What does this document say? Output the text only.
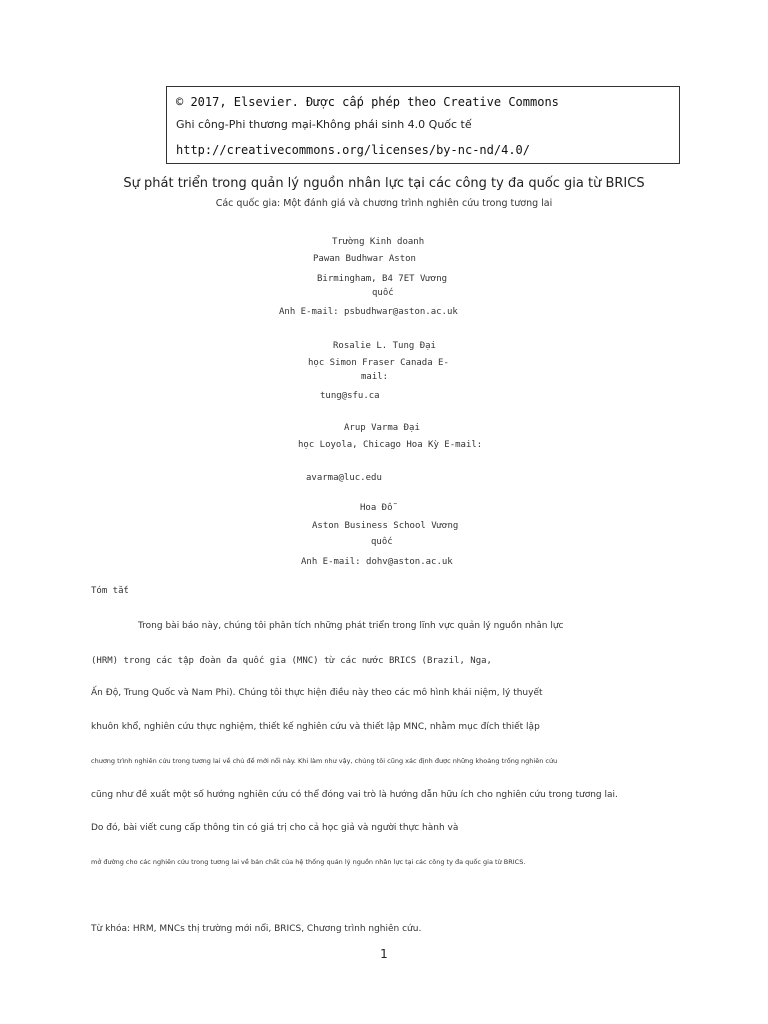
© 2017, Elsevier. Được cấp phép theo Creative Commons
Ghi công-Phi thương mại-Không phái sinh 4.0 Quốc tế
http://creativecommons.org/licenses/by-nc-nd/4.0/
Sự phát triển trong quản lý nguồn nhân lực tại các công ty đa quốc gia từ BRICS
Các quốc gia: Một đánh giá và chương trình nghiên cứu trong tương lai
Trường Kinh doanh
Pawan Budhwar Aston
Birmingham, B4 7ET Vương
quốc
Anh E-mail: psbudhwar@aston.ac.uk
Rosalie L. Tung Đại
học Simon Fraser Canada E-
mail:
tung@sfu.ca
Arup Varma Đại
học Loyola, Chicago Hoa Kỳ E-mail:
avarma@luc.edu
Hoa Đỗ
Aston Business School Vương
quốc
Anh E-mail: dohv@aston.ac.uk
Tóm tắt
Trong bài báo này, chúng tôi phân tích những phát triển trong lĩnh vực quản lý nguồn nhân lực
(HRM) trong các tập đoàn đa quốc gia (MNC) từ các nước BRICS (Brazil, Nga,
Ấn Độ, Trung Quốc và Nam Phi). Chúng tôi thực hiện điều này theo các mô hình khái niệm, lý thuyết
khuôn khổ, nghiên cứu thực nghiệm, thiết kế nghiên cứu và thiết lập MNC, nhằm mục đích thiết lập
chương trình nghiên cứu trong tương lai về chủ đề mới nổi này. Khi làm như vậy, chúng tôi cũng xác định được những khoảng trống nghiên cứu
cũng như đề xuất một số hướng nghiên cứu có thể đóng vai trò là hướng dẫn hữu ích cho nghiên cứu trong tương lai.
Do đó, bài viết cung cấp thông tin có giá trị cho cả học giả và người thực hành và
mở đường cho các nghiên cứu trong tương lai về bản chất của hệ thống quản lý nguồn nhân lực tại các công ty đa quốc gia từ BRICS.
Từ khóa: HRM, MNCs thị trường mới nổi, BRICS, Chương trình nghiên cứu.
1
